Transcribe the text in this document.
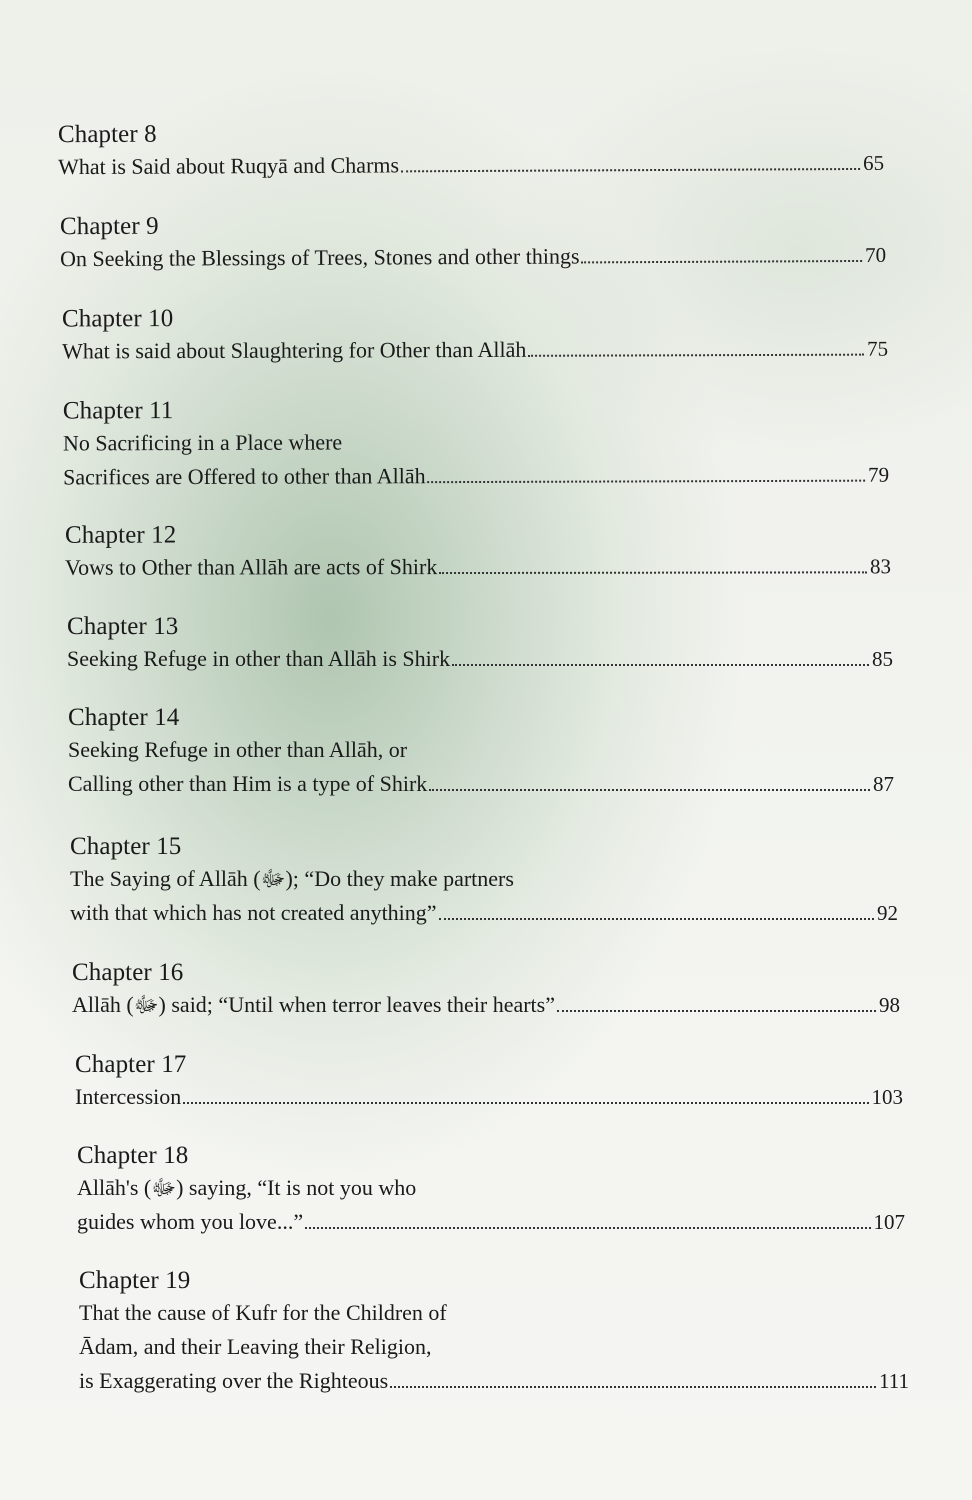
Chapter 8
What is Said about Ruqyā and Charms	65
Chapter 9
On Seeking the Blessings of Trees, Stones and other things	70
Chapter 10
What is said about Slaughtering for Other than Allāh	75
Chapter 11
No Sacrificing in a Place where
Sacrifices are Offered to other than Allāh	79
Chapter 12
Vows to Other than Allāh are acts of Shirk	83
Chapter 13
Seeking Refuge in other than Allāh is Shirk	85
Chapter 14
Seeking Refuge in other than Allāh, or
Calling other than Him is a type of Shirk	87
Chapter 15
The Saying of Allāh (ﷻ); “Do they make partners
with that which has not created anything”	92
Chapter 16
Allāh (ﷻ) said; “Until when terror leaves their hearts”	98
Chapter 17
Intercession	103
Chapter 18
Allāh's (ﷻ) saying, “It is not you who
guides whom you love...”	107
Chapter 19
That the cause of Kufr for the Children of
Ādam, and their Leaving their Religion,
is Exaggerating over the Righteous	111
